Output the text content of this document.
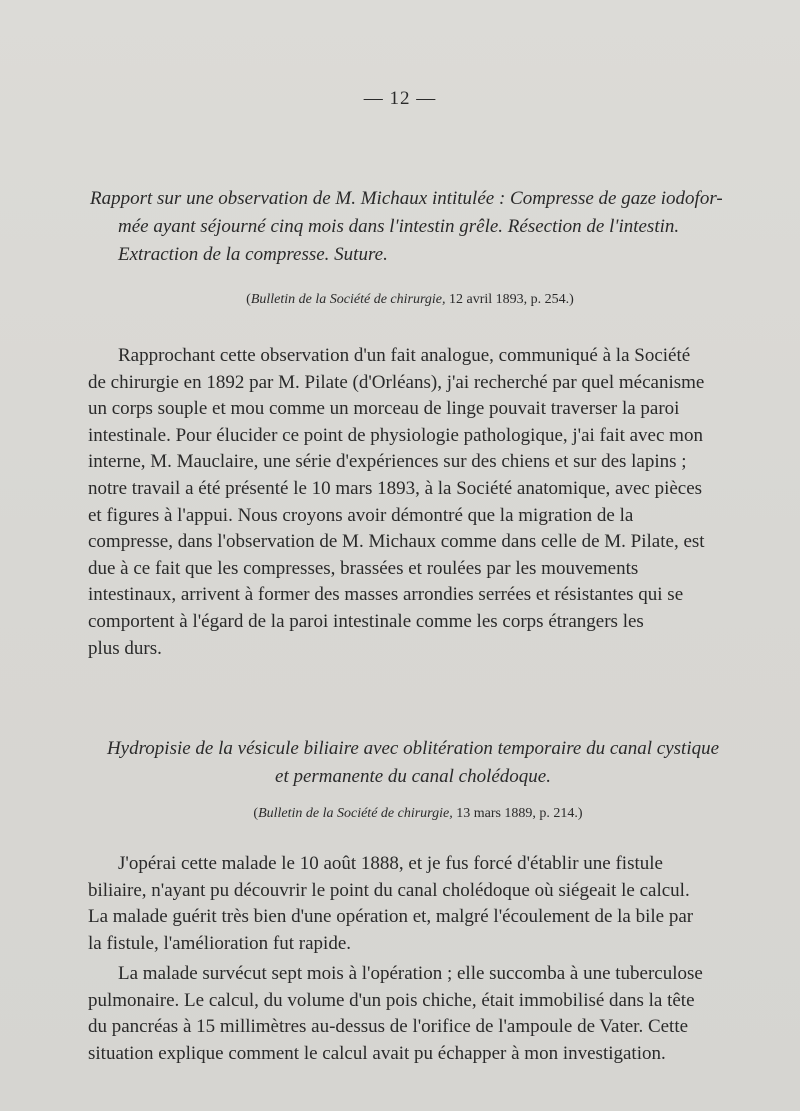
— 12 —
Rapport sur une observation de M. Michaux intitulée : Compresse de gaze iodofor-
mée ayant séjourné cinq mois dans l'intestin grêle. Résection de l'intestin.
Extraction de la compresse. Suture.
(Bulletin de la Société de chirurgie, 12 avril 1893, p. 254.)
Rapprochant cette observation d'un fait analogue, communiqué à la Société
de chirurgie en 1892 par M. Pilate (d'Orléans), j'ai recherché par quel mécanisme
un corps souple et mou comme un morceau de linge pouvait traverser la paroi
intestinale. Pour élucider ce point de physiologie pathologique, j'ai fait avec mon
interne, M. Mauclaire, une série d'expériences sur des chiens et sur des lapins ;
notre travail a été présenté le 10 mars 1893, à la Société anatomique, avec pièces
et figures à l'appui. Nous croyons avoir démontré que la migration de la
compresse, dans l'observation de M. Michaux comme dans celle de M. Pilate, est
due à ce fait que les compresses, brassées et roulées par les mouvements
intestinaux, arrivent à former des masses arrondies serrées et résistantes qui se
comportent à l'égard de la paroi intestinale comme les corps étrangers les
plus durs.
Hydropisie de la vésicule biliaire avec oblitération temporaire du canal cystique
et permanente du canal cholédoque.
(Bulletin de la Société de chirurgie, 13 mars 1889, p. 214.)
J'opérai cette malade le 10 août 1888, et je fus forcé d'établir une fistule
biliaire, n'ayant pu découvrir le point du canal cholédoque où siégeait le calcul.
La malade guérit très bien d'une opération et, malgré l'écoulement de la bile par
la fistule, l'amélioration fut rapide.
La malade survécut sept mois à l'opération ; elle succomba à une tuberculose
pulmonaire. Le calcul, du volume d'un pois chiche, était immobilisé dans la tête
du pancréas à 15 millimètres au-dessus de l'orifice de l'ampoule de Vater. Cette
situation explique comment le calcul avait pu échapper à mon investigation.
